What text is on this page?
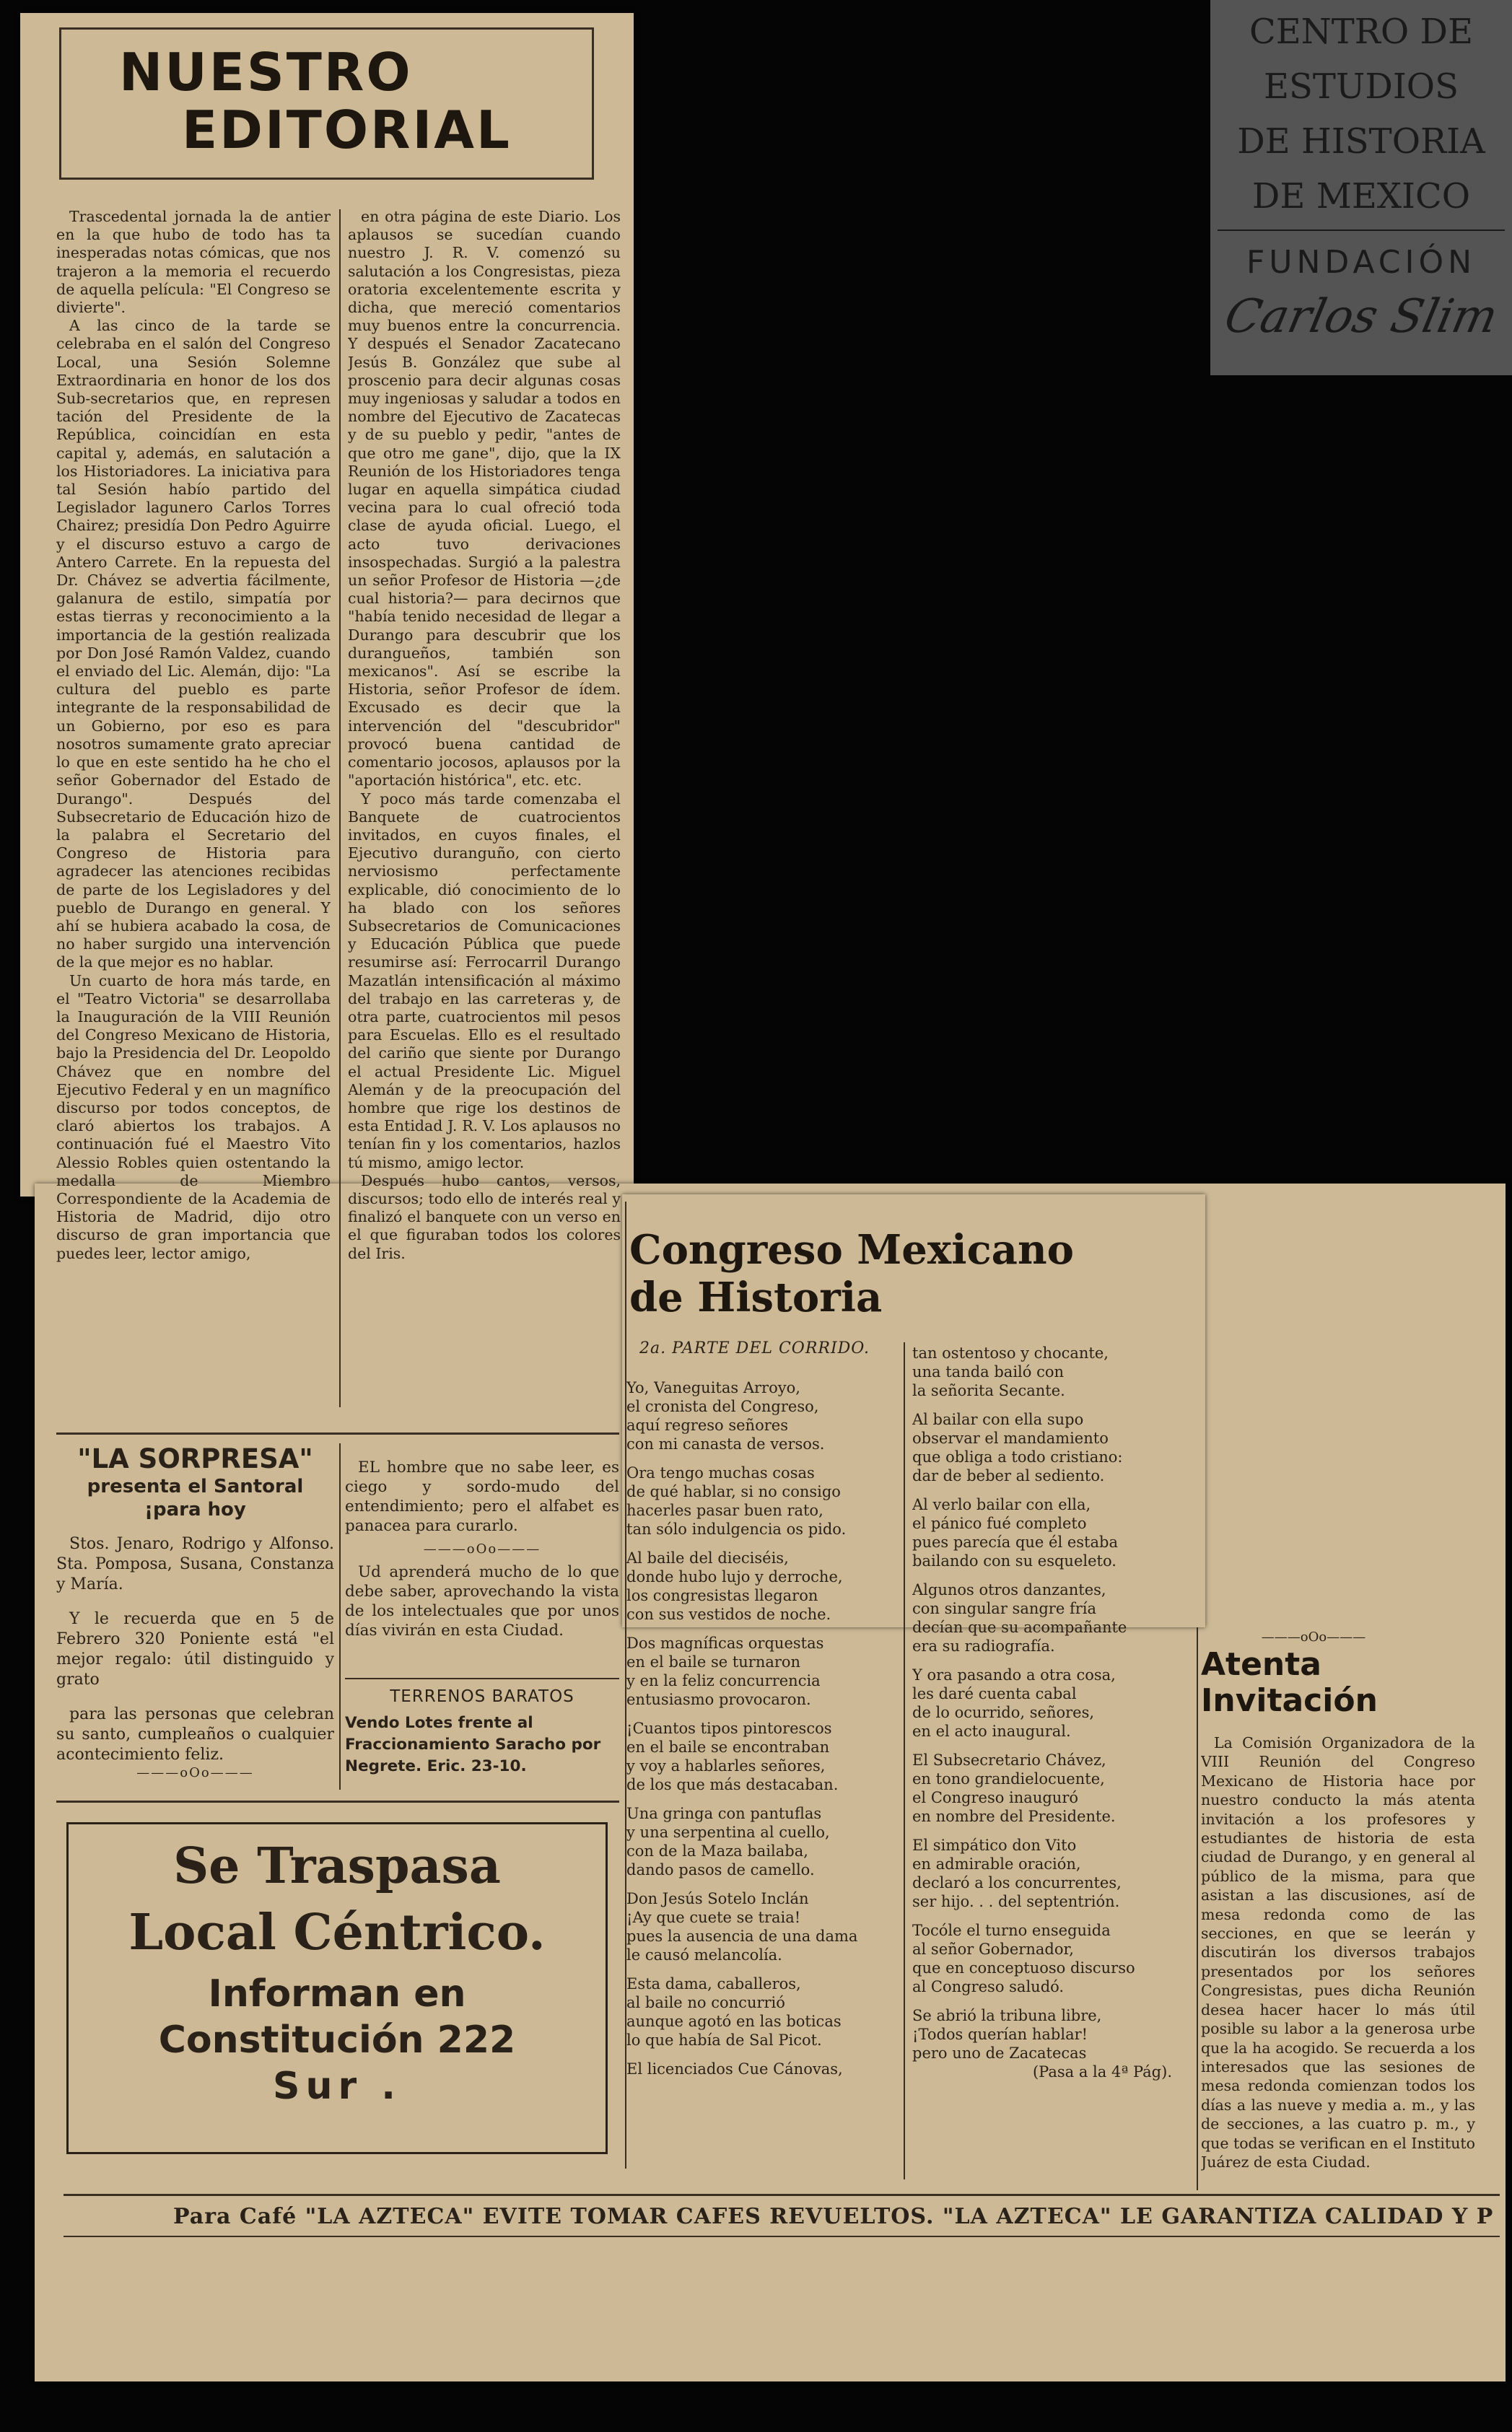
CENTRO DE
ESTUDIOS
DE HISTORIA
DE MEXICO
FUNDACIÓN
Carlos Slim
NUESTRO
EDITORIAL

Trascedental jornada la de antier en la que hubo de todo has ta inesperadas notas cómicas, que nos trajeron a la memoria el recuerdo de aquella película: "El Congreso se divierte".

A las cinco de la tarde se celebraba en el salón del Congreso Local, una Sesión Solemne Extraordinaria en honor de los dos Sub-secretarios que, en represen tación del Presidente de la República, coincidían en esta capital y, además, en salutación a los Historiadores. La iniciativa para tal Sesión habío partido del Legislador lagunero Carlos Torres Chairez; presidía Don Pedro Aguirre y el discurso estuvo a cargo de Antero Carrete. En la repuesta del Dr. Chávez se advertia fácilmente, galanura de estilo, simpatía por estas tierras y reconocimiento a la importancia de la gestión realizada por Don José Ramón Valdez, cuando el enviado del Lic. Alemán, dijo: "La cultura del pueblo es parte integrante de la responsabilidad de un Gobierno, por eso es para nosotros sumamente grato apreciar lo que en este sentido ha he cho el señor Gobernador del Estado de Durango". Después del Subsecretario de Educación hizo de la palabra el Secretario del Congreso de Historia para agradecer las atenciones recibidas de parte de los Legisladores y del pueblo de Durango en general. Y ahí se hubiera acabado la cosa, de no haber surgido una intervención de la que mejor es no hablar.

Un cuarto de hora más tarde, en el "Teatro Victoria" se desarrollaba la Inauguración de la VIII Reunión del Congreso Mexicano de Historia, bajo la Presidencia del Dr. Leopoldo Chávez que en nombre del Ejecutivo Federal y en un magnífico discurso por todos conceptos, de claró abiertos los trabajos. A continuación fué el Maestro Vito Alessio Robles quien ostentando la medalla de Miembro Correspondiente de la Academia de Historia de Madrid, dijo otro discurso de gran importancia que puedes leer, lector amigo,

en otra página de este Diario. Los aplausos se sucedían cuando nuestro J. R. V. comenzó su salutación a los Congresistas, pieza oratoria excelentemente escrita y dicha, que mereció comentarios muy buenos entre la concurrencia. Y después el Senador Zacatecano Jesús B. González que sube al proscenio para decir algunas cosas muy ingeniosas y saludar a todos en nombre del Ejecutivo de Zacatecas y de su pueblo y pedir, "antes de que otro me gane", dijo, que la IX Reunión de los Historiadores tenga lugar en aquella simpática ciudad vecina para lo cual ofreció toda clase de ayuda oficial. Luego, el acto tuvo derivaciones insospechadas. Surgió a la palestra un señor Profesor de Historia —¿de cual historia?— para decirnos que "había tenido necesidad de llegar a Durango para descubrir que los durangueños, también son mexicanos". Así se escribe la Historia, señor Profesor de ídem. Excusado es decir que la intervención del "descubridor" provocó buena cantidad de comentario jocosos, aplausos por la "aportación histórica", etc. etc.

Y poco más tarde comenzaba el Banquete de cuatrocientos invitados, en cuyos finales, el Ejecutivo duranguño, con cierto nerviosismo perfectamente explicable, dió conocimiento de lo ha blado con los señores Subsecretarios de Comunicaciones y Educación Pública que puede resumirse así: Ferrocarril Durango Mazatlán intensificación al máximo del trabajo en las carreteras y, de otra parte, cuatrocientos mil pesos para Escuelas. Ello es el resultado del cariño que siente por Durango el actual Presidente Lic. Miguel Alemán y de la preocupación del hombre que rige los destinos de esta Entidad J. R. V. Los aplausos no tenían fin y los comentarios, hazlos tú mismo, amigo lector.

Después hubo cantos, versos, discursos; todo ello de interés real y finalizó el banquete con un verso en el que figuraban todos los colores del Iris.

"LA SORPRESA"
presenta el Santoral
¡para hoy

Stos. Jenaro, Rodrigo y Alfonso. Sta. Pomposa, Susana, Constanza y María.

Y le recuerda que en 5 de Febrero 320 Poniente está "el mejor regalo: útil distinguido y grato

para las personas que celebran su santo, cumpleaños o cualquier acontecimiento feliz.

———oOo———

EL hombre que no sabe leer, es ciego y sordo-mudo del entendimiento; pero el alfabet es panacea para curarlo.

———oOo———

Ud aprenderá mucho de lo que debe saber, aprovechando la vista de los intelectuales que por unos días vivirán en esta Ciudad.

TERRENOS BARATOS
Vendo Lotes frente al Fraccionamiento Saracho por Negrete. Eric. 23-10.
Se Traspasa
Local Céntrico.
Informan en
Constitución 222
Sur .
Congreso Mexicano
de Historia
2a. PARTE DEL CORRIDO.

Yo, Vaneguitas Arroyo,
el cronista del Congreso,
aquí regreso señores
con mi canasta de versos.

Ora tengo muchas cosas
de qué hablar, si no consigo
hacerles pasar buen rato,
tan sólo indulgencia os pido.

Al baile del dieciséis,
donde hubo lujo y derroche,
los congresistas llegaron
con sus vestidos de noche.

Dos magníficas orquestas
en el baile se turnaron
y en la feliz concurrencia
entusiasmo provocaron.

¡Cuantos tipos pintorescos
en el baile se encontraban
y voy a hablarles señores,
de los que más destacaban.

Una gringa con pantuflas
y una serpentina al cuello,
con de la Maza bailaba,
dando pasos de camello.

Don Jesús Sotelo Inclán
¡Ay que cuete se traia!
pues la ausencia de una dama
le causó melancolía.

Esta dama, caballeros,
al baile no concurrió
aunque agotó en las boticas
lo que había de Sal Picot.

El licenciados Cue Cánovas,

tan ostentoso y chocante,
una tanda bailó con
la señorita Secante.

Al bailar con ella supo
observar el mandamiento
que obliga a todo cristiano:
dar de beber al sediento.

Al verlo bailar con ella,
el pánico fué completo
pues parecía que él estaba
bailando con su esqueleto.

Algunos otros danzantes,
con singular sangre fría
decían que su acompañante
era su radiografía.

Y ora pasando a otra cosa,
les daré cuenta cabal
de lo ocurrido, señores,
en el acto inaugural.

El Subsecretario Chávez,
en tono grandielocuente,
el Congreso inauguró
en nombre del Presidente.

El simpático don Vito
en admirable oración,
declaró a los concurrentes,
ser hijo. . . del septentrión.

Tocóle el turno enseguida
al señor Gobernador,
que en conceptuoso discurso
al Congreso saludó.

Se abrió la tribuna libre,
¡Todos querían hablar!
pero uno de Zacatecas

(Pasa a la 4ª Pág).

———oOo———
Atenta
Invitación

La Comisión Organizadora de la VIII Reunión del Congreso Mexicano de Historia hace por nuestro conducto la más atenta invitación a los profesores y estudiantes de historia de esta ciudad de Durango, y en general al público de la misma, para que asistan a las discusiones, así de mesa redonda como de las secciones, en que se leerán y discutirán los diversos trabajos presentados por los señores Congresistas, pues dicha Reunión desea hacer hacer lo más útil posible su labor a la generosa urbe que la ha acogido. Se recuerda a los interesados que las sesiones de mesa redonda comienzan todos los días a las nueve y media a. m., y las de secciones, a las cuatro p. m., y que todas se verifican en el Instituto Juárez de esta Ciudad.

Para Café "LA AZTECA" EVITE TOMAR CAFES REVUELTOS. "LA AZTECA" LE GARANTIZA CALIDAD Y P
